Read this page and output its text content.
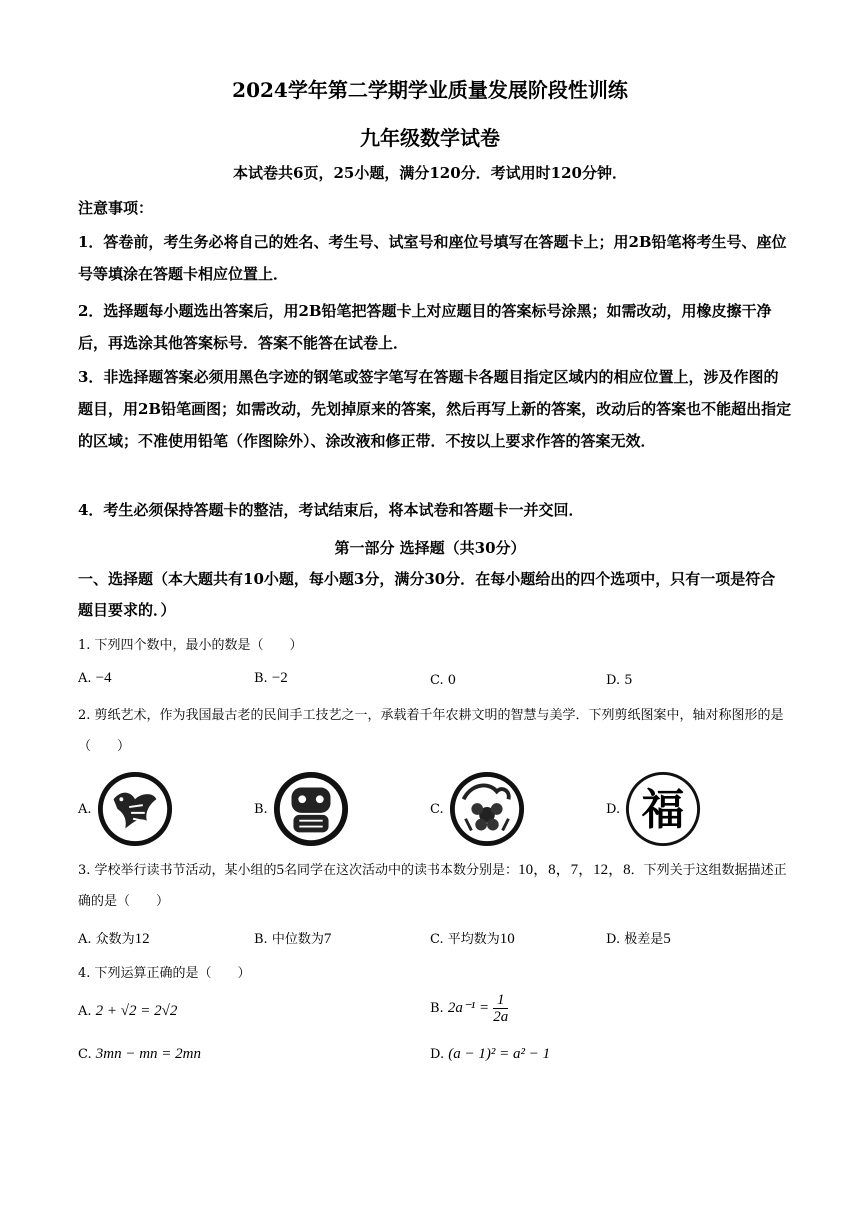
2024学年第二学期学业质量发展阶段性训练
九年级数学试卷
本试卷共6页，25小题，满分120分．考试用时120分钟．
注意事项：
1．答卷前，考生务必将自己的姓名、考生号、试室号和座位号填写在答题卡上；用2B铅笔将考生号、座位号等填涂在答题卡相应位置上．
2．选择题每小题选出答案后，用2B铅笔把答题卡上对应题目的答案标号涂黑；如需改动，用橡皮擦干净后，再选涂其他答案标号．答案不能答在试卷上．
3．非选择题答案必须用黑色字迹的钢笔或签字笔写在答题卡各题目指定区域内的相应位置上，涉及作图的题目，用2B铅笔画图；如需改动，先划掉原来的答案，然后再写上新的答案，改动后的答案也不能超出指定的区域；不准使用铅笔（作图除外）、涂改液和修正带．不按以上要求作答的答案无效．
4．考生必须保持答题卡的整洁，考试结束后，将本试卷和答题卡一并交回．
第一部分 选择题（共30分）
一、选择题（本大题共有10小题，每小题3分，满分30分．在每小题给出的四个选项中，只有一项是符合题目要求的．）
1. 下列四个数中，最小的数是（　　）
A. −4	B. −2	C. 0	D. 5
2. 剪纸艺术，作为我国最古老的民间手工技艺之一，承载着千年农耕文明的智慧与美学．下列剪纸图案中，轴对称图形的是（　　）
A.	B.	C.	D. 福
3. 学校举行读书节活动，某小组的5名同学在这次活动中的读书本数分别是：10，8，7，12，8．下列关于这组数据描述正确的是（　　）
A. 众数为12	B. 中位数为7	C. 平均数为10	D. 极差是5
4. 下列运算正确的是（　　）
A. 2 + √2 = 2√2	B. $2a^{-1} = \frac{1}{2a}$
C. 3mn − mn = 2mn	D. (a − 1)² = a² − 1
